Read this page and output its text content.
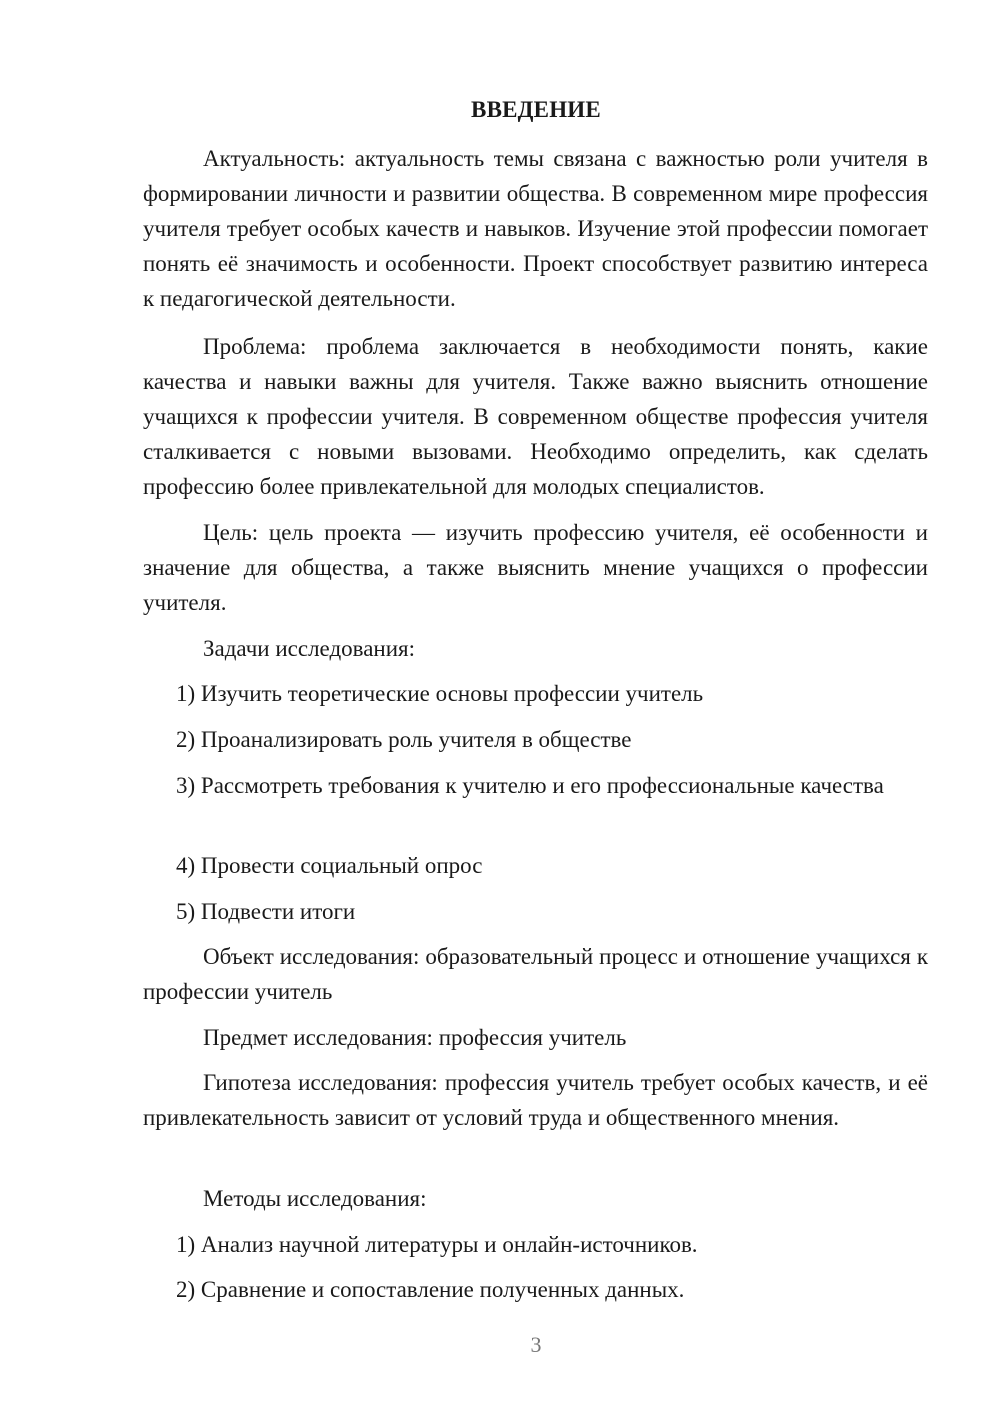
ВВЕДЕНИЕ

Актуальность: актуальность темы связана с важностью роли учителя в формировании личности и развитии общества. В современном мире профессия учителя требует особых качеств и навыков. Изучение этой профессии помогает понять её значимость и особенности. Проект способствует развитию интереса к педагогической деятельности.

Проблема: проблема заключается в необходимости понять, какие качества и навыки важны для учителя. Также важно выяснить отношение учащихся к профессии учителя. В современном обществе профессия учителя сталкивается с новыми вызовами. Необходимо определить, как сделать профессию более привлекательной для молодых специалистов.

Цель: цель проекта — изучить профессию учителя, её особенности и значение для общества, а также выяснить мнение учащихся о профессии учителя.

Задачи исследования:

1) Изучить теоретические основы профессии учитель

2) Проанализировать роль учителя в обществе

3) Рассмотреть требования к учителю и его профессиональные качества

4) Провести социальный опрос

5) Подвести итоги

Объект исследования: образовательный процесс и отношение учащихся к профессии учитель

Предмет исследования: профессия учитель

Гипотеза исследования: профессия учитель требует особых качеств, и её привлекательность зависит от условий труда и общественного мнения.

Методы исследования:

1) Анализ научной литературы и онлайн-источников.

2) Сравнение и сопоставление полученных данных.

3
